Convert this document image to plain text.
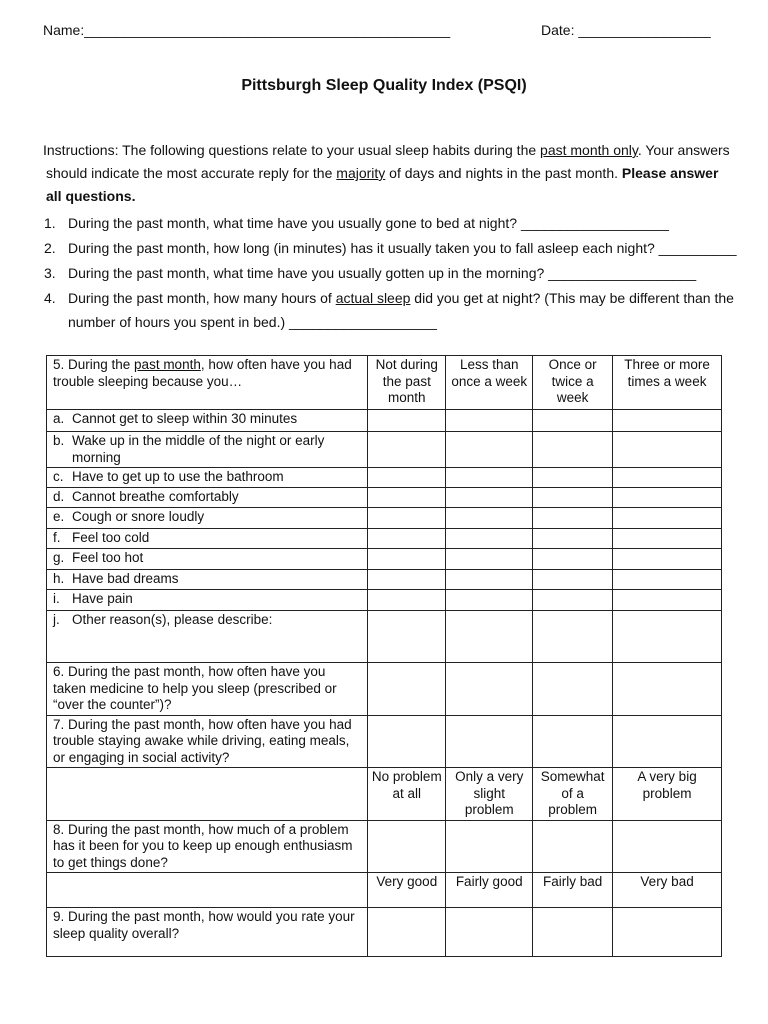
Name:_______________________________________________	Date: _________________
Pittsburgh Sleep Quality Index (PSQI)
Instructions: The following questions relate to your usual sleep habits during the past month only. Your answers
should indicate the most accurate reply for the majority of days and nights in the past month. Please answer
all questions.
1. During the past month, what time have you usually gone to bed at night? ___________________
2. During the past month, how long (in minutes) has it usually taken you to fall asleep each night? __________
3. During the past month, what time have you usually gotten up in the morning? ___________________
4. During the past month, how many hours of actual sleep did you get at night? (This may be different than the
number of hours you spent in bed.) ___________________
5. During the past month, how often have you had trouble sleeping because you…	Not during the past month	Less than once a week	Once or twice a week	Three or more times a week

a. Cannot get to sleep within 30 minutes				

b. Wake up in the middle of the night or early morning				

c. Have to get up to use the bathroom				

d. Cannot breathe comfortably				

e. Cough or snore loudly				

f. Feel too cold				

g. Feel too hot				

h. Have bad dreams				

i. Have pain				

j. Other reason(s), please describe:				

6. During the past month, how often have you taken medicine to help you sleep (prescribed or “over the counter”)?				
7. During the past month, how often have you had trouble staying awake while driving, eating meals, or engaging in social activity?				
	No problem at all	Only a very slight problem	Somewhat of a problem	A very big problem
8. During the past month, how much of a problem has it been for you to keep up enough enthusiasm to get things done?				
	Very good	Fairly good	Fairly bad	Very bad
9. During the past month, how would you rate your sleep quality overall?				
